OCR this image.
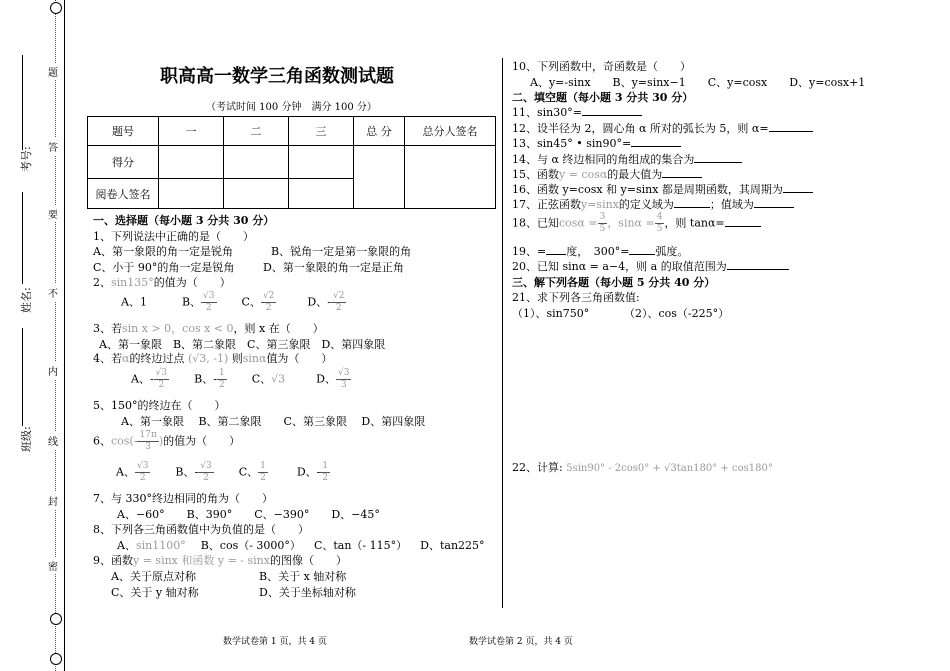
题
答
要
不
内
线
封
密
考号:
姓名:
班级:
职高高一数学三角函数测试题
（考试时间 100 分钟　满分 100 分）
题号	一	二	三	总 分	总分人签名
得分					
阅卷人签名					
一、选择题（每小题 3 分共 30 分）
1、下列说法中正确的是（　　）
A、第一象限的角一定是锐角	B、锐角一定是第一象限的角
C、小于 90°的角一定是锐角	D、第一象限的角一定是正角
2、sin135°的值为（　　）
A、1	B、 $\frac{√3}{2}$ C、 $\frac{√2}{2}$	D、- $\frac{√2}{2}$
3、若sin x > 0，cos x < 0，则 x 在（　　）
A、第一象限　B、第二象限　C、第三象限　D、第四象限
4、若α的终边过点 (√3, -1) 则sinα值为（　　）
A、- $\frac{√3}{2}$ B、- $\frac{1}{2}$ C、√3	D、 $\frac{√3}{3}$
5、150°的终边在（　　）
A、第一象限　 B、第二象限　　C、第三象限　 D、第四象限
6、$\cos(- \frac{17\pi}{3}$ )的值为（　　）
A、 $\frac{√3}{2}$ B、- $\frac{√3}{2}$ C、 $\frac{1}{2}$	D、- $\frac{1}{2}$
7、与 330°终边相同的角为（　　）
A、−60°　　B、390°　　C、−390°　　D、−45°
8、下列各三角函数值中为负值的是（　　）
A、sin1100° B、cos（- 3000°） C、tan（- 115°） D、tan225°
9、函数y = sinx 和函数 y = - sinx的图像（　　）
A、关于原点对称	B、关于 x 轴对称
C、关于 y 轴对称	D、关于坐标轴对称
10、下列函数中，奇函数是（　　）
A、y=-sinx　　B、y=sinx−1　　C、y=cosx　　D、y=cosx+1
二、填空题（每小题 3 分共 30 分）
11、sin30°=
12、设半径为 2，圆心角 α 所对的弧长为 5，则 α=
13、sin45° • sin90°=
14、与 α 终边相同的角组成的集合为
15、函数y = cosα的最大值为
16、函数 y=cosx 和 y=sinx 都是周期函数，其周期为
17、正弦函数y=sinx的定义域为	；值域为
18、已知$\cos\alpha = \frac{3}{5}$ ，$\sin\alpha = \frac{4}{5}$ ，则 tanα=
19、= 度，　300°= 弧度。
20、已知 sinα = a−4，则 a 的取值范围为
三、解下列各题（每小题 5 分共 40 分）
21、求下列各三角函数值:
（1）、sin750°	（2）、cos（-225°）
22、计算: 5sin90° - 2cos0° + √3tan180° + cos180°
数学试卷第 1 页，共 4 页	数学试卷第 2 页，共 4 页
